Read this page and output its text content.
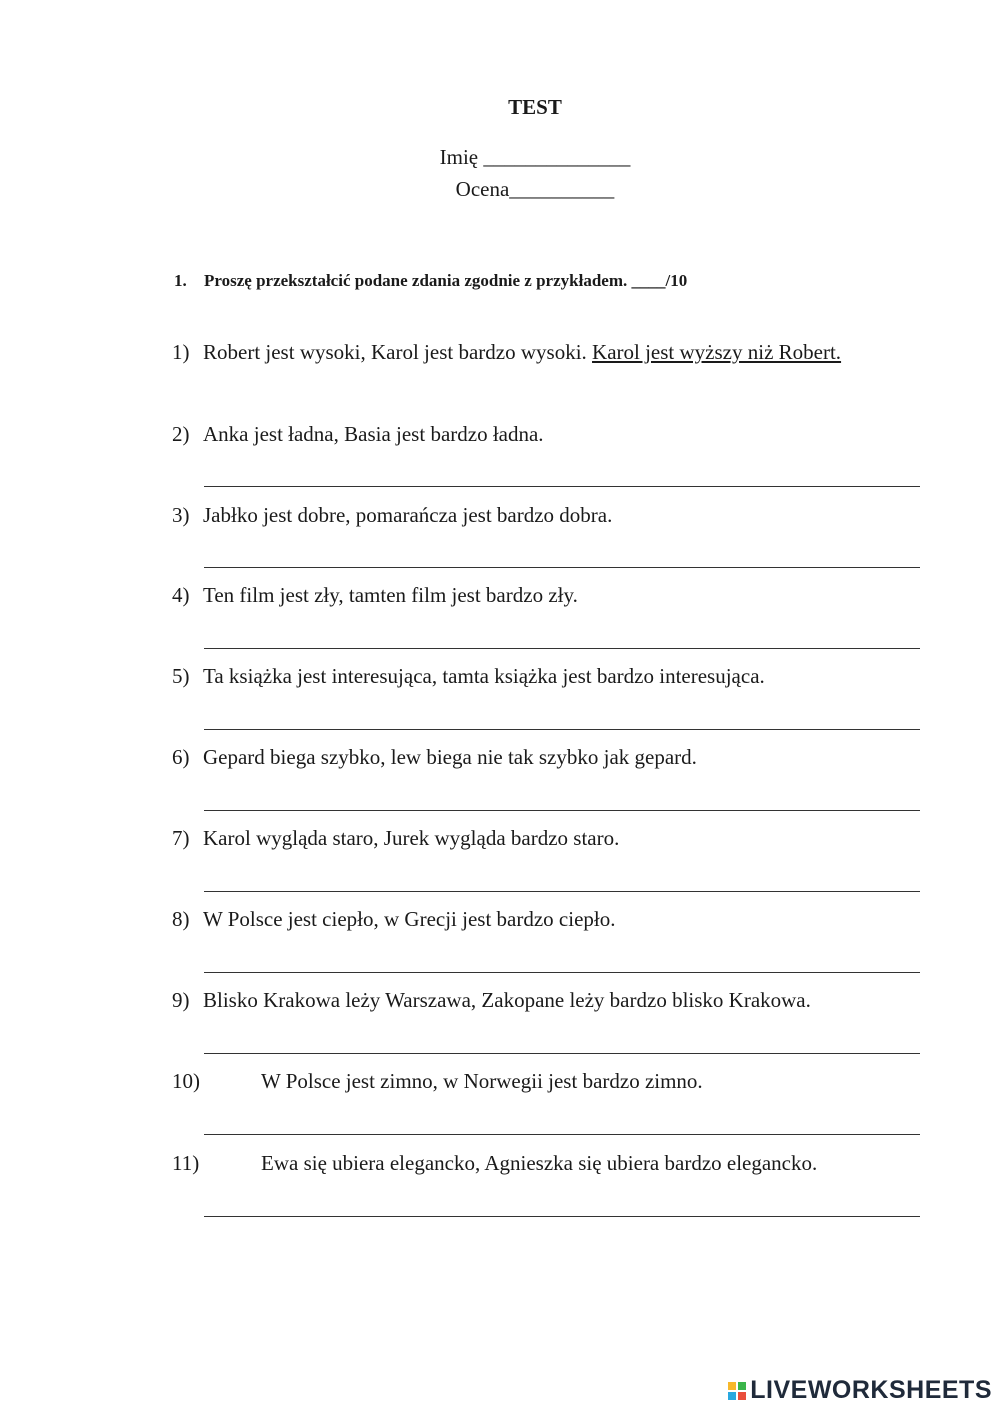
TEST
Imię ______________
Ocena__________
1. Proszę przekształcić podane zdania zgodnie z przykładem. ____/10
1) Robert jest wysoki, Karol jest bardzo wysoki. Karol jest wyższy niż Robert.
2) Anka jest ładna, Basia jest bardzo ładna.
3) Jabłko jest dobre, pomarańcza jest bardzo dobra.
4) Ten film jest zły, tamten film jest bardzo zły.
5) Ta książka jest interesująca, tamta książka jest bardzo interesująca.
6) Gepard biega szybko, lew biega nie tak szybko jak gepard.
7) Karol wygląda staro, Jurek wygląda bardzo staro.
8) W Polsce jest ciepło, w Grecji jest bardzo ciepło.
9) Blisko Krakowa leży Warszawa, Zakopane leży bardzo blisko Krakowa.
10)	W Polsce jest zimno, w Norwegii jest bardzo zimno.
11)	Ewa się ubiera elegancko, Agnieszka się ubiera bardzo elegancko.
LIVEWORKSHEETS
